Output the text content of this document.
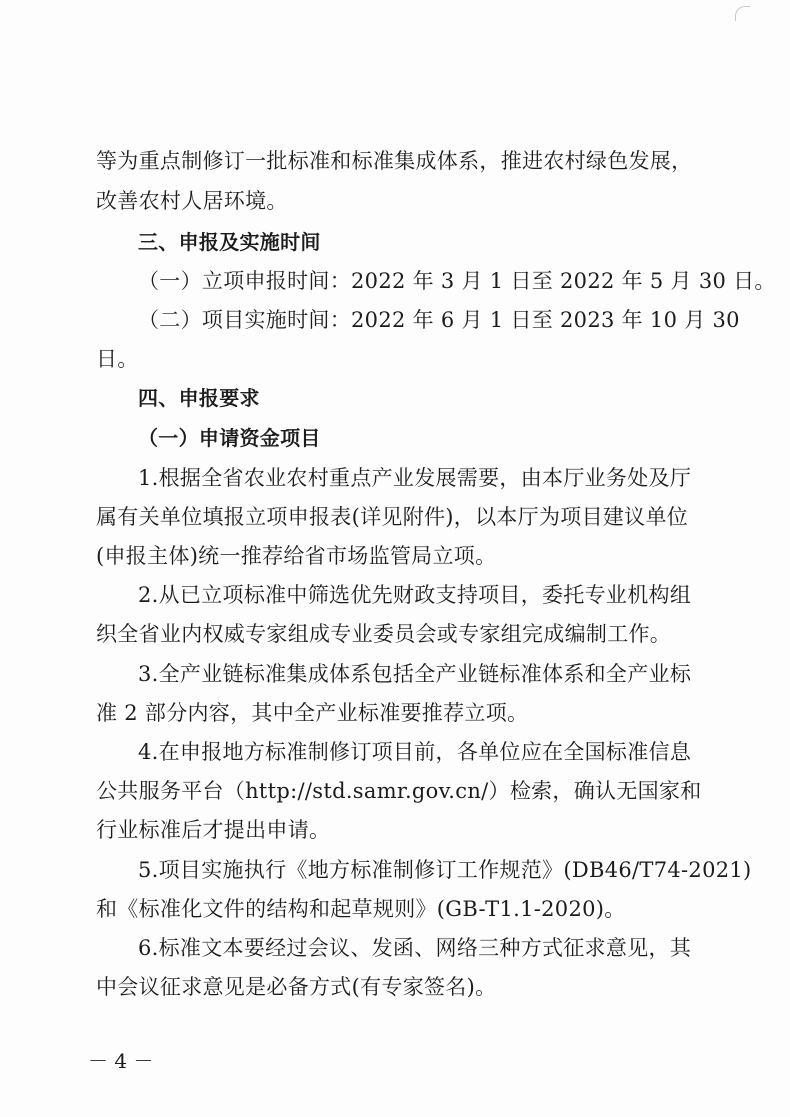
等为重点制修订一批标准和标准集成体系，推进农村绿色发展，
改善农村人居环境。
三、申报及实施时间
（一）立项申报时间：2022 年 3 月 1 日至 2022 年 5 月 30 日。
（二）项目实施时间：2022 年 6 月 1 日至 2023 年 10 月 30
日。
四、申报要求
（一）申请资金项目
1.根据全省农业农村重点产业发展需要，由本厅业务处及厅
属有关单位填报立项申报表(详见附件)，以本厅为项目建议单位
(申报主体)统一推荐给省市场监管局立项。
2.从已立项标准中筛选优先财政支持项目，委托专业机构组
织全省业内权威专家组成专业委员会或专家组完成编制工作。
3.全产业链标准集成体系包括全产业链标准体系和全产业标
准 2 部分内容，其中全产业标准要推荐立项。
4.在申报地方标准制修订项目前，各单位应在全国标准信息
公共服务平台（http://std.samr.gov.cn/）检索，确认无国家和
行业标准后才提出申请。
5.项目实施执行《地方标准制修订工作规范》(DB46/T74-2021)
和《标准化文件的结构和起草规则》(GB-T1.1-2020)。
6.标准文本要经过会议、发函、网络三种方式征求意见，其
中会议征求意见是必备方式(有专家签名)。
－ 4 －
